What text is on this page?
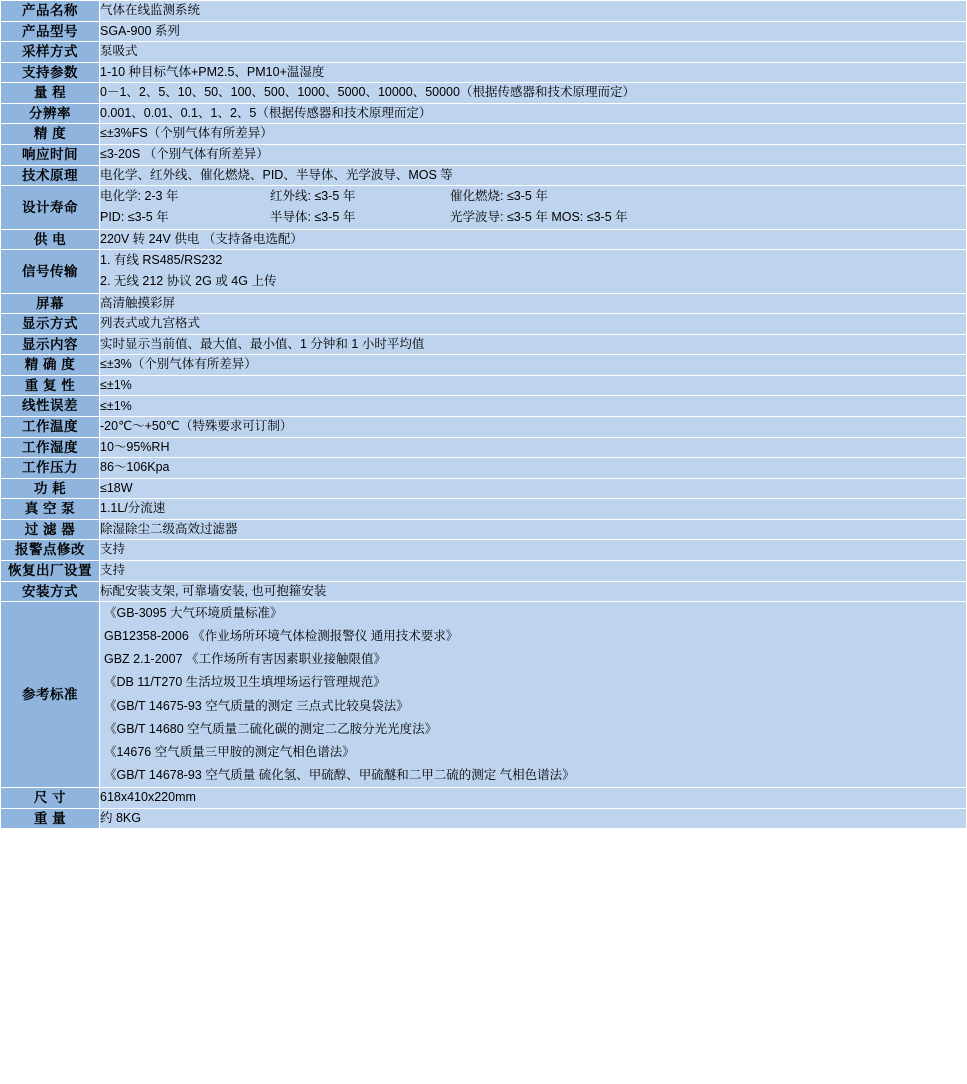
产品名称	气体在线监测系统
产品型号	SGA-900 系列
采样方式	泵吸式
支持参数	1-10 种目标气体+PM2.5、PM10+温湿度
量 程	0－1、2、5、10、50、100、500、1000、5000、10000、50000（根据传感器和技术原理而定）
分辨率	0.001、0.01、0.1、1、2、5（根据传感器和技术原理而定）
精 度	≤±3%FS（个别气体有所差异）
响应时间	≤3-20S （个别气体有所差异）
技术原理	电化学、红外线、催化燃烧、PID、半导体、光学波导、MOS 等
设计寿命	
电化学: 2-3 年	红外线: ≤3-5 年	催化燃烧: ≤3-5 年
PID: ≤3-5 年	半导体: ≤3-5 年	光学波导: ≤3-5 年 MOS: ≤3-5 年

供 电	220V 转 24V 供电 （支持备电选配）
信号传输	1. 有线 RS485/RS232
2. 无线 212 协议 2G 或 4G 上传

屏幕	高清触摸彩屏
显示方式	列表式或九宫格式
显示内容	实时显示当前值、最大值、最小值、1 分钟和 1 小时平均值
精 确 度	≤±3%（个别气体有所差异）
重 复 性	≤±1%
线性误差	≤±1%
工作温度	-20℃～+50℃（特殊要求可订制）
工作湿度	10～95%RH
工作压力	86～106Kpa
功 耗	≤18W
真 空 泵	1.1L/分流速
过 滤 器	除湿除尘二级高效过滤器
报警点修改	支持
恢复出厂设置	支持
安装方式	标配安装支架, 可靠墙安装, 也可抱箍安装
参考标准	
《GB-3095 大气环境质量标准》
GB12358-2006 《作业场所环境气体检测报警仪 通用技术要求》
GBZ 2.1-2007 《工作场所有害因素职业接触限值》
《DB 11/T270 生活垃圾卫生填埋场运行管理规范》
《GB/T 14675-93 空气质量的测定 三点式比较臭袋法》
《GB/T 14680 空气质量二硫化碳的测定二乙胺分光光度法》
《14676 空气质量三甲胺的测定气相色谱法》
《GB/T 14678-93 空气质量 硫化氢、甲硫醇、甲硫醚和二甲二硫的测定 气相色谱法》

尺 寸	618x410x220mm
重 量	约 8KG
